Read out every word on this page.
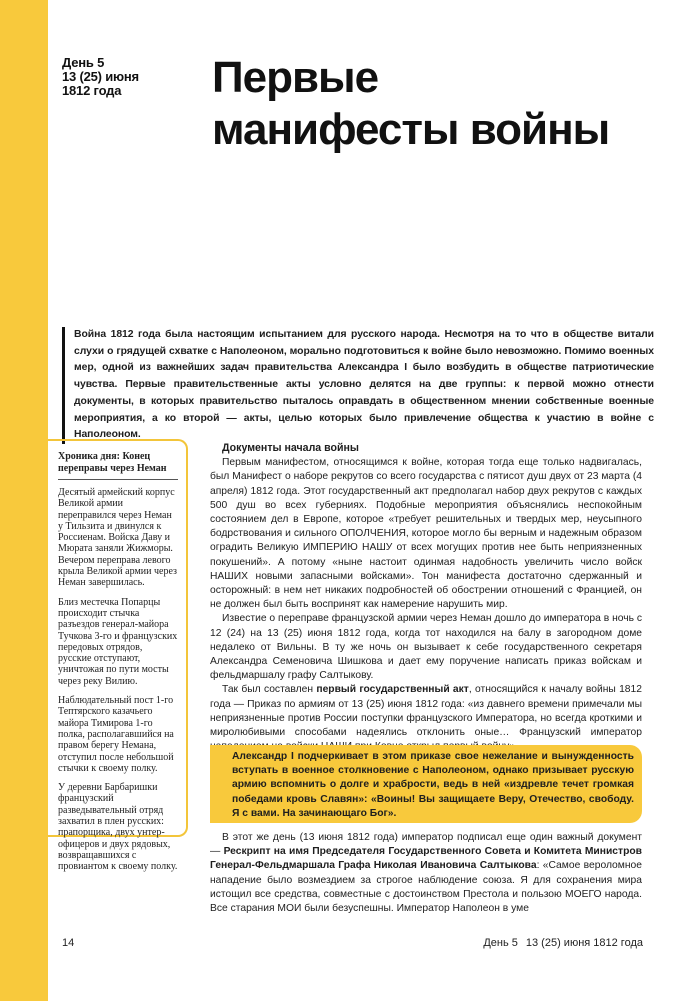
День 5
13 (25) июня
1812 года	Первые
манифесты войны
Война 1812 года была настоящим испытанием для русского народа. Несмотря на то что в обществе витали слухи о грядущей схватке с Наполеоном, морально подготовиться к войне было невозможно. Помимо военных мер, одной из важнейших задач правительства Александра I было возбудить в обществе патриотические чувства. Первые правительственные акты условно делятся на две группы: к первой можно отнести документы, в которых правительство пыталось оправдать в общественном мнении собственные военные мероприятия, а ко второй — акты, целью которых было привлечение общества к участию в войне с Наполеоном.
Хроника дня: Конец переправы через Неман

Десятый армейский корпус Великой армии переправился через Неман у Тильзита и двинулся к Россиенам. Войска Даву и Мюрата заняли Жижморы. Вечером переправа левого крыла Великой армии через Неман завершилась.

Близ местечка Попарцы происходит стычка разъездов генерал-майора Тучкова 3-го и французских передовых отрядов, русские отступают, уничтожая по пути мосты через реку Вилию.

Наблюдательный пост 1-го Тептярского казачьего майора Тимирова 1-го полка, располагавшийся на правом берегу Немана, отступил после небольшой стычки к своему полку.

У деревни Барбаришки французский разведывательный отряд захватил в плен русских: прапорщика, двух унтер-офицеров и двух рядовых, возвращавшихся с провиантом к своему полку.

Документы начала войны

Первым манифестом, относящимся к войне, которая тогда еще только надвигалась, был Манифест о наборе рекрутов со всего государства с пятисот душ двух от 23 марта (4 апреля) 1812 года. Этот государственный акт предполагал набор двух рекрутов с каждых 500 душ во всех губерниях. Подобные мероприятия объяснялись неспокойным состоянием дел в Европе, которое «требует решительных и твердых мер, неусыпного бодрствования и сильного ОПОЛЧЕНИЯ, которое могло бы верным и надежным образом оградить Великую ИМПЕРИЮ НАШУ от всех могущих против нее быть неприязненных покушений». А потому «ныне настоит одинмая надобность увеличить число войск НАШИХ новыми запасными войсками». Тон манифеста достаточно сдержанный и осторожный: в нем нет никаких подробностей об обострении отношений с Францией, он не должен был быть воспринят как намерение нарушить мир.

Известие о переправе французской армии через Неман дошло до императора в ночь с 12 (24) на 13 (25) июня 1812 года, когда тот находился на балу в загородном доме недалеко от Вильны. В ту же ночь он вызывает к себе государственного секретаря Александра Семеновича Шишкова и дает ему поручение написать приказ войскам и фельдмаршалу графу Салтыкову.

Так был составлен первый государственный акт, относящийся к началу войны 1812 года — Приказ по армиям от 13 (25) июня 1812 года: «из давнего времени примечали мы неприязненные против России поступки французского Императора, но всегда кроткими и миролюбивыми способами надеялись отклонить оные… Французский император

Александр I подчеркивает в этом приказе свое нежелание и вынужденность вступать в военное столкновение с Наполеоном, однако призывает русскую армию вспомнить о долге и храбрости, ведь в ней «издревле течет громкая победами кровь Славян»: «Воины! Вы защищаете Веру, Отечество, свободу. Я с вами. На зачинающаго Бог».

В этот же день (13 июня 1812 года) император подписал еще один важный документ — Рескрипт на имя Председателя Государственного Совета и Комитета Министров Генерал-Фельдмаршала Графа Николая Ивановича Салтыкова: «Самое вероломное нападение было возмездием за строгое наблюдение союза. Я для сохранения мира истощил все средства, совместные с достоинством Престола и пользою МОЕГО народа. Все старания МОИ были безуспешны. Император Наполеон в уме

14	День 5 13 (25) июня 1812 года
